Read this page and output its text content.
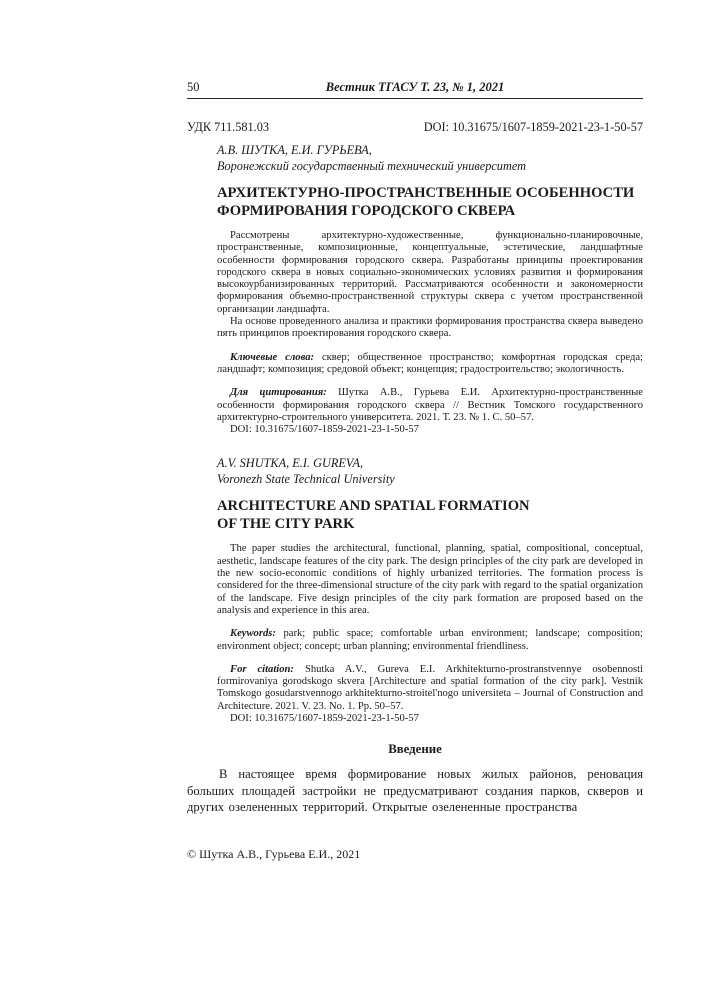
50	Вестник ТГАСУ Т. 23, № 1, 2021
УДК 711.581.03	DOI: 10.31675/1607-1859-2021-23-1-50-57
А.В. ШУТКА, Е.И. ГУРЬЕВА,
Воронежский государственный технический университет
АРХИТЕКТУРНО-ПРОСТРАНСТВЕННЫЕ ОСОБЕННОСТИ
ФОРМИРОВАНИЯ ГОРОДСКОГО СКВЕРА

Рассмотрены архитектурно-художественные, функционально-планировочные, пространственные, композиционные, концептуальные, эстетические, ландшафтные особенности формирования городского сквера. Разработаны принципы проектирования городского сквера в новых социально-экономических условиях развития и формирования высокоурбанизированных территорий. Рассматриваются особенности и закономерности формирования объемно-пространственной структуры сквера с учетом пространственной организации ландшафта.

На основе проведенного анализа и практики формирования пространства сквера выведено пять принципов проектирования городского сквера.

Ключевые слова: сквер; общественное пространство; комфортная городская среда; ландшафт; композиция; средовой объект; концепция; градостроительство; экологичность.

Для цитирования: Шутка А.В., Гурьева Е.И. Архитектурно-пространственные особенности формирования городского сквера // Вестник Томского государственного архитектурно-строительного университета. 2021. Т. 23. № 1. С. 50–57.

DOI: 10.31675/1607-1859-2021-23-1-50-57

A.V. SHUTKA, E.I. GUREVA,
Voronezh State Technical University
ARCHITECTURE AND SPATIAL FORMATION
OF THE CITY PARK

The paper studies the architectural, functional, planning, spatial, compositional, conceptual, aesthetic, landscape features of the city park. The design principles of the city park are developed in the new socio-economic conditions of highly urbanized territories. The formation process is considered for the three-dimensional structure of the city park with regard to the spatial organization of the landscape. Five design principles of the city park formation are proposed based on the analysis and experience in this area.

Keywords: park; public space; comfortable urban environment; landscape; composition; environment object; concept; urban planning; environmental friendliness.

For citation: Shutka A.V., Gureva E.I. Arkhitekturno-prostranstvennye osobennosti formirovaniya gorodskogo skvera [Architecture and spatial formation of the city park]. Vestnik Tomskogo gosudarstvennogo arkhitekturno-stroitel'nogo universiteta – Journal of Construction and Architecture. 2021. V. 23. No. 1. Pp. 50–57.

DOI: 10.31675/1607-1859-2021-23-1-50-57

Введение

В настоящее время формирование новых жилых районов, реновация больших площадей застройки не предусматривают создания парков, скверов и других озелененных территорий. Открытые озелененные пространства

© Шутка А.В., Гурьева Е.И., 2021
